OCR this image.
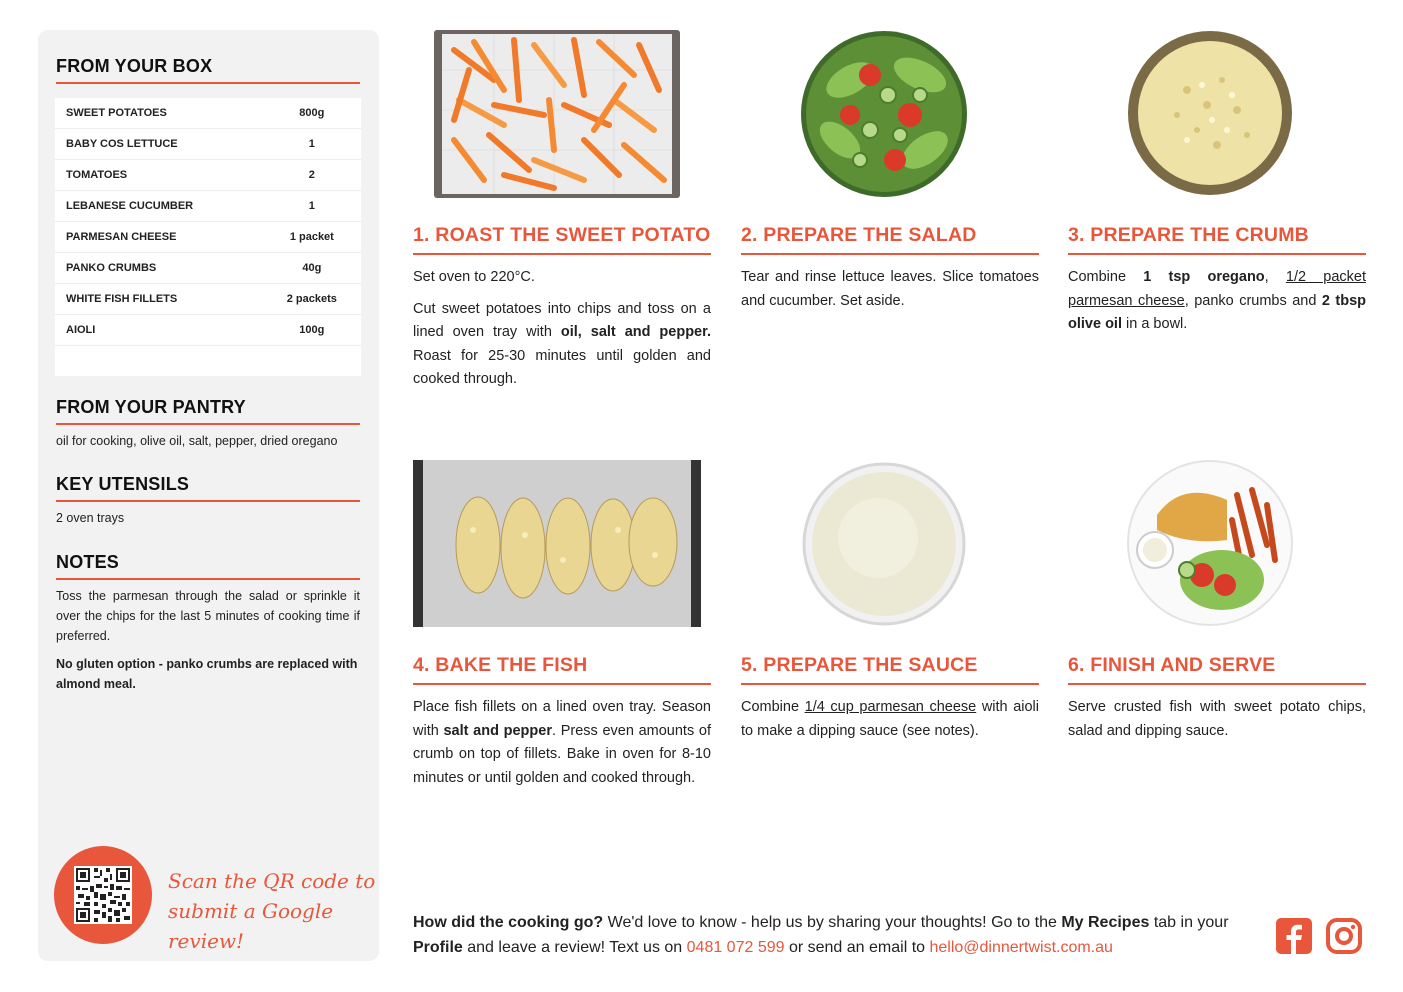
FROM YOUR BOX
SWEET POTATOES	800g
BABY COS LETTUCE	1
TOMATOES	2
LEBANESE CUCUMBER	1
PARMESAN CHEESE	1 packet
PANKO CRUMBS	40g
WHITE FISH FILLETS	2 packets
AIOLI	100g
FROM YOUR PANTRY
oil for cooking, olive oil, salt, pepper, dried oregano
KEY UTENSILS
2 oven trays
NOTES
Toss the parmesan through the salad or sprinkle it over the chips for the last 5 minutes of cooking time if preferred.
No gluten option - panko crumbs are replaced with almond meal.
Scan the QR code to
submit a Google review!
1. ROAST THE SWEET POTATO

Set oven to 220°C.

Cut sweet potatoes into chips and toss on a lined oven tray with oil, salt and pepper. Roast for 25-30 minutes until golden and cooked through.

2. PREPARE THE SALAD

Tear and rinse lettuce leaves. Slice tomatoes and cucumber. Set aside.

3. PREPARE THE CRUMB

Combine 1 tsp oregano, 1/2 packet parmesan cheese, panko crumbs and 2 tbsp olive oil in a bowl.

4. BAKE THE FISH

Place fish fillets on a lined oven tray. Season with salt and pepper. Press even amounts of crumb on top of fillets. Bake in oven for 8-10 minutes or until golden and cooked through.

5. PREPARE THE SAUCE

Combine 1/4 cup parmesan cheese with aioli to make a dipping sauce (see notes).

6. FINISH AND SERVE

Serve crusted fish with sweet potato chips, salad and dipping sauce.

How did the cooking go? We'd love to know - help us by sharing your thoughts! Go to the My Recipes tab in your Profile and leave a review! Text us on 0481 072 599 or send an email to hello@dinnertwist.com.au
